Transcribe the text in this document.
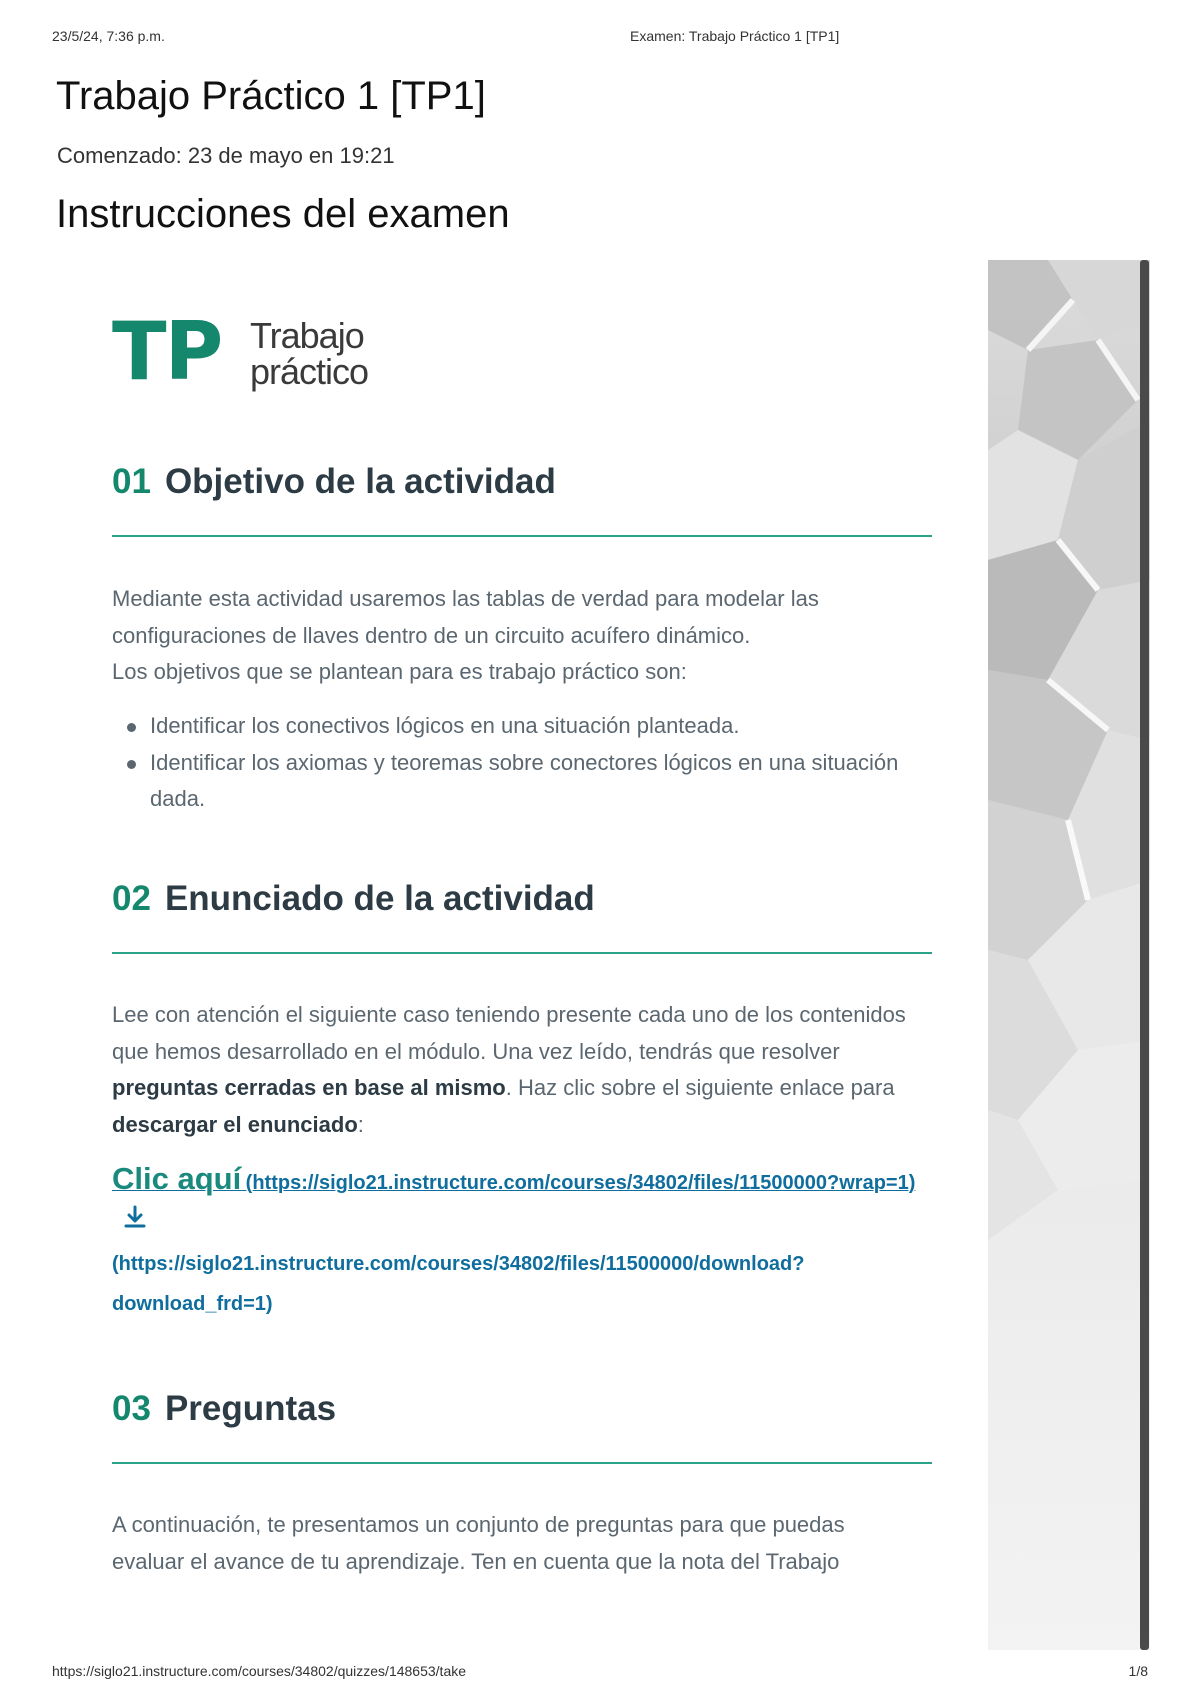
23/5/24, 7:36 p.m.	Examen: Trabajo Práctico 1 [TP1]
Trabajo Práctico 1 [TP1]
Comenzado: 23 de mayo en 19:21
Instrucciones del examen
TP Trabajo
práctico
01 Objetivo de la actividad
Mediante esta actividad usaremos las tablas de verdad para modelar las
configuraciones de llaves dentro de un circuito acuífero dinámico.
Los objetivos que se plantean para es trabajo práctico son:
Identificar los conectivos lógicos en una situación planteada.
Identificar los axiomas y teoremas sobre conectores lógicos en una situación dada.
02 Enunciado de la actividad

Lee con atención el siguiente caso teniendo presente cada uno de los contenidos que hemos desarrollado en el módulo. Una vez leído, tendrás que resolver preguntas cerradas en base al mismo. Haz clic sobre el siguiente enlace para descargar el enunciado:

Clic aquí (https://siglo21.instructure.com/courses/34802/files/11500000?wrap=1)
(https://siglo21.instructure.com/courses/34802/files/11500000/download?download_frd=1)
03 Preguntas
A continuación, te presentamos un conjunto de preguntas para que puedas
evaluar el avance de tu aprendizaje. Ten en cuenta que la nota del Trabajo
https://siglo21.instructure.com/courses/34802/quizzes/148653/take	1/8
